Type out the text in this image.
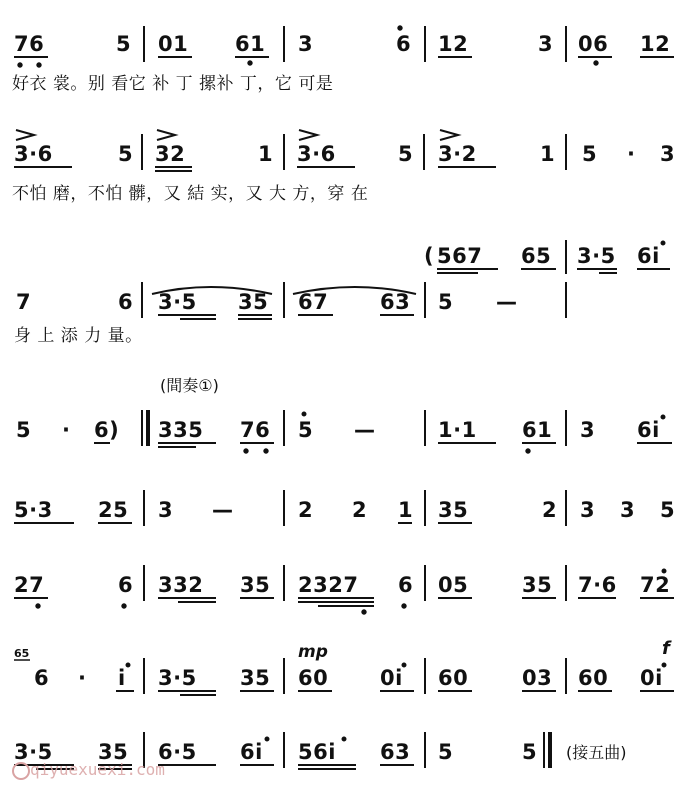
76	5 01 61 3	6 12	3 06 12
好衣 裳。别 看它 补 丁 摞补 丁，它 可是
3·6	5 32	1 3·6	5 3·2	1 5 · 3
不怕 磨，不怕 髒，又 結 实，又 大 方，穿 在
( 567 65 3·5 6i
7	6 3·5 35 67 63 5 —
身 上 添 力 量。
(間奏①)
5 · 6) 335 76 5 —	1·1 61 3 6i
5·3 25 3 —	2 2 1 35	2 3 3 5
27	6 332 35 2327 6 05	35 7·6 72
65	mp	f
6 · i 3·5 35 60 0i 60	03 60 0i
3·5 35 6·5 6i 56i 63 5	5 (接五曲)
qiyuexuexi.com
